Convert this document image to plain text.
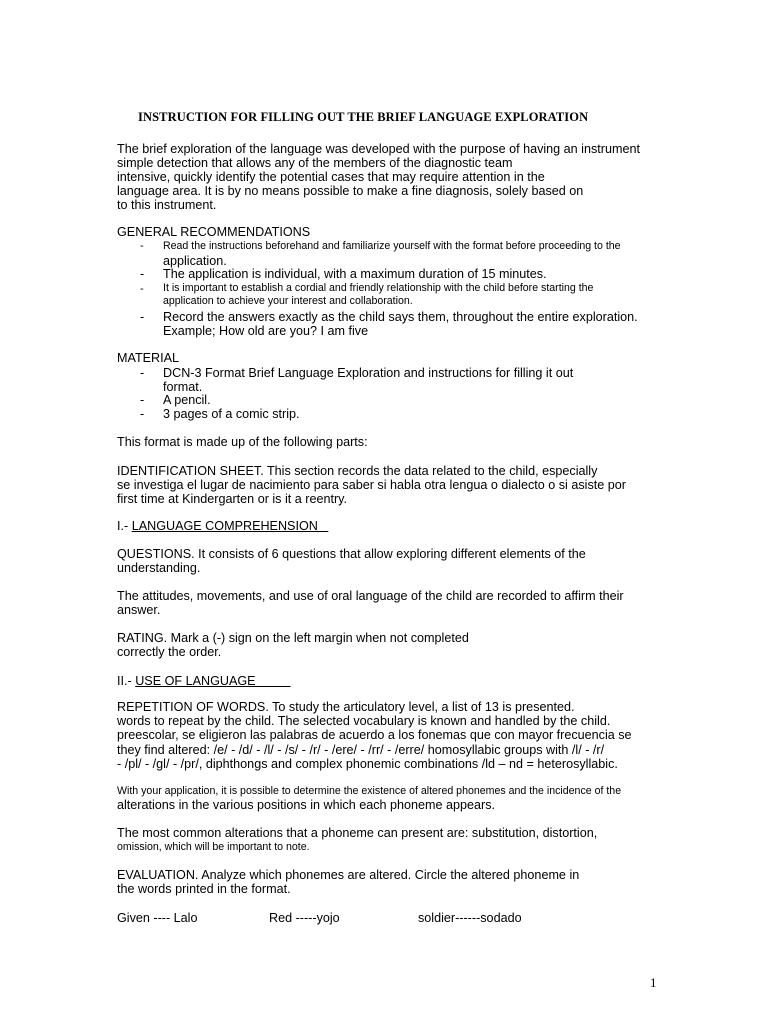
INSTRUCTION FOR FILLING OUT THE BRIEF LANGUAGE EXPLORATION
The brief exploration of the language was developed with the purpose of having an instrument
simple detection that allows any of the members of the diagnostic team
intensive, quickly identify the potential cases that may require attention in the
language area. It is by no means possible to make a fine diagnosis, solely based on
to this instrument.
GENERAL RECOMMENDATIONS
- Read the instructions beforehand and familiarize yourself with the format before proceeding to the
application.
- The application is individual, with a maximum duration of 15 minutes.
- It is important to establish a cordial and friendly relationship with the child before starting the
application to achieve your interest and collaboration.
- Record the answers exactly as the child says them, throughout the entire exploration.
Example; How old are you? I am five
MATERIAL
- DCN-3 Format Brief Language Exploration and instructions for filling it out
format.
- A pencil.
- 3 pages of a comic strip.
This format is made up of the following parts:
IDENTIFICATION SHEET. This section records the data related to the child, especially
se investiga el lugar de nacimiento para saber si habla otra lengua o dialecto o si asiste por
first time at Kindergarten or is it a reentry.
I.- LANGUAGE COMPREHENSION
QUESTIONS. It consists of 6 questions that allow exploring different elements of the
understanding.
The attitudes, movements, and use of oral language of the child are recorded to affirm their
answer.
RATING. Mark a (-) sign on the left margin when not completed
correctly the order.
II.- USE OF LANGUAGE
REPETITION OF WORDS. To study the articulatory level, a list of 13 is presented.
words to repeat by the child. The selected vocabulary is known and handled by the child.
preescolar, se eligieron las palabras de acuerdo a los fonemas que con mayor frecuencia se
they find altered: /e/ - /d/ - /l/ - /s/ - /r/ - /ere/ - /rr/ - /erre/ homosyllabic groups with /l/ - /r/
- /pl/ - /gl/ - /pr/, diphthongs and complex phonemic combinations /ld – nd = heterosyllabic.
With your application, it is possible to determine the existence of altered phonemes and the incidence of the
alterations in the various positions in which each phoneme appears.
The most common alterations that a phoneme can present are: substitution, distortion,
omission, which will be important to note.
EVALUATION. Analyze which phonemes are altered. Circle the altered phoneme in
the words printed in the format.
Given ---- Lalo	Red -----yojo	soldier------sodado
1
